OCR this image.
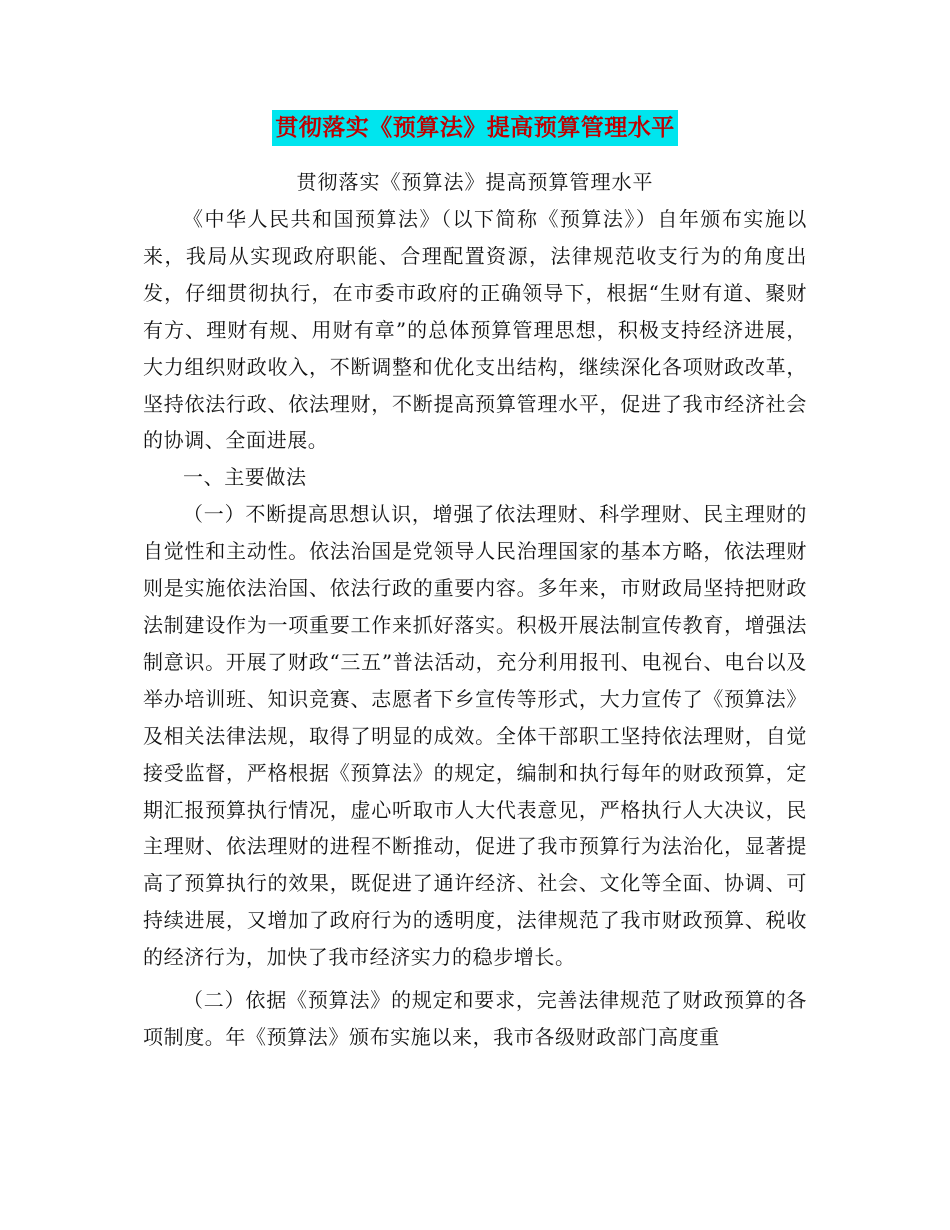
贯彻落实《预算法》提高预算管理水平
贯彻落实《预算法》提高预算管理水平

《中华人民共和国预算法》（以下简称《预算法》）自年颁布实施以来，我局从实现政府职能、合理配置资源，法律规范收支行为的角度出发，仔细贯彻执行，在市委市政府的正确领导下，根据“生财有道、聚财有方、理财有规、用财有章”的总体预算管理思想，积极支持经济进展，大力组织财政收入，不断调整和优化支出结构，继续深化各项财政改革，坚持依法行政、依法理财，不断提高预算管理水平，促进了我市经济社会的协调、全面进展。

一、主要做法

（一）不断提高思想认识，增强了依法理财、科学理财、民主理财的自觉性和主动性。依法治国是党领导人民治理国家的基本方略，依法理财则是实施依法治国、依法行政的重要内容。多年来，市财政局坚持把财政法制建设作为一项重要工作来抓好落实。积极开展法制宣传教育，增强法制意识。开展了财政“三五”普法活动，充分利用报刊、电视台、电台以及举办培训班、知识竞赛、志愿者下乡宣传等形式，大力宣传了《预算法》及相关法律法规，取得了明显的成效。全体干部职工坚持依法理财，自觉接受监督，严格根据《预算法》的规定，编制和执行每年的财政预算，定期汇报预算执行情况，虚心听取市人大代表意见，严格执行人大决议，民主理财、依法理财的进程不断推动，促进了我市预算行为法治化，显著提高了预算执行的效果，既促进了通许经济、社会、文化等全面、协调、可持续进展，又增加了政府行为的透明度，法律规范了我市财政预算、税收的经济行为，加快了我市经济实力的稳步增长。

（二）依据《预算法》的规定和要求，完善法律规范了财政预算的各项制度。年《预算法》颁布实施以来，我市各级财政部门高度重
